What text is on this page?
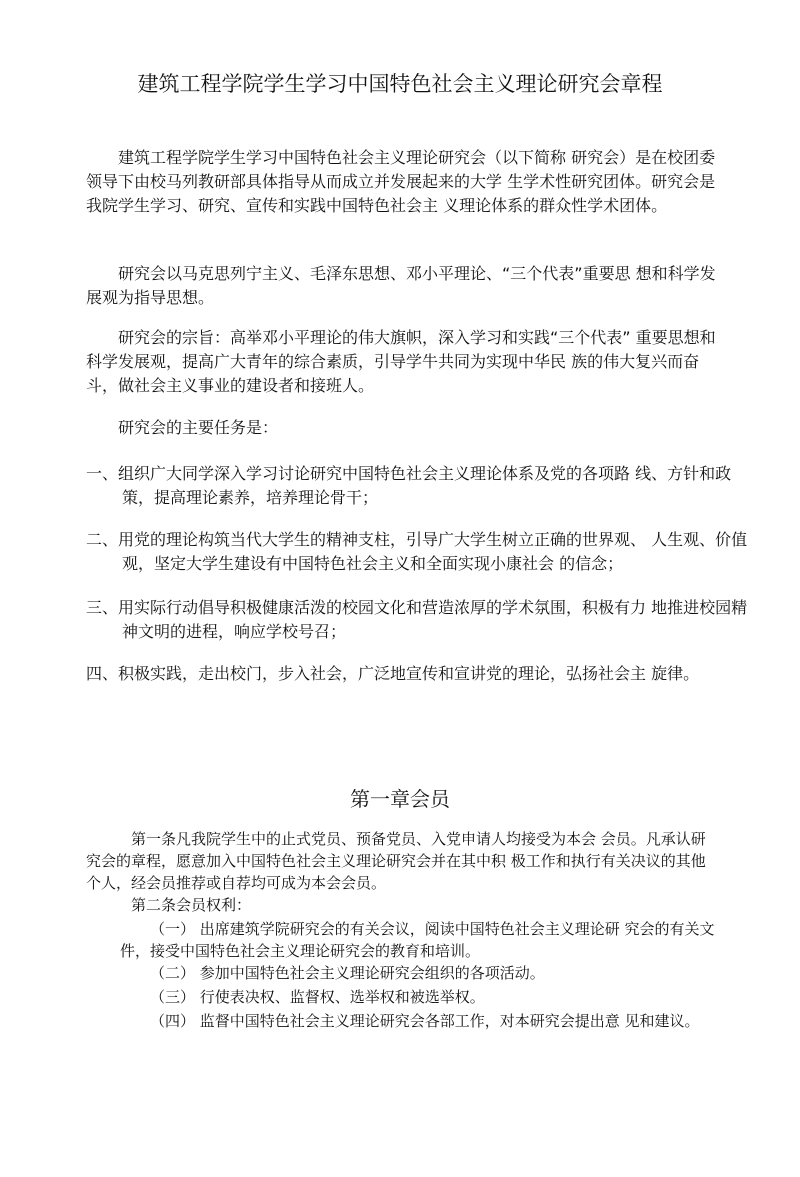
建筑工程学院学生学习中国特色社会主义理论研究会章程

建筑工程学院学生学习中国特色社会主义理论研究会（以下简称 研究会）是在校团委领导下由校马列教研部具体指导从而成立并发展起来的大学 生学术性研究团体。研究会是我院学生学习、研究、宣传和实践中国特色社会主 义理论体系的群众性学术团体。

研究会以马克思列宁主义、毛泽东思想、邓小平理论、“三个代表”重要思 想和科学发展观为指导思想。

研究会的宗旨：高举邓小平理论的伟大旗帜，深入学习和实践“三个代表” 重要思想和科学发展观，提高广大青年的综合素质，引导学牛共同为实现中华民 族的伟大复兴而奋斗，做社会主义事业的建设者和接班人。

研究会的主要任务是：

一、组织广大同学深入学习讨论研究中国特色社会主义理论体系及党的各项路 线、方针和政策，提高理论素养，培养理论骨干；

二、用党的理论构筑当代大学生的精神支柱，引导广大学生树立正确的世界观、 人生观、价值观，坚定大学生建设有中国特色社会主义和全面实现小康社会 的信念；

三、用实际行动倡导积极健康活泼的校园文化和营造浓厚的学术氛围，积极有力 地推进校园精神文明的进程，响应学校号召；

四、积极实践，走出校门，步入社会，广泛地宣传和宣讲党的理论，弘扬社会主 旋律。

第一章会员

第一条凡我院学生中的止式党员、预备党员、入党申请人均接受为本会 会员。凡承认研究会的章程，愿意加入中国特色社会主义理论研究会并在其中积 极工作和执行有关决议的其他个人，经会员推荐或自荐均可成为本会会员。

第二条会员权利：

（一） 出席建筑学院研究会的有关会议，阅读中国特色社会主义理论研 究会的有关文件，接受中国特色社会主义理论研究会的教育和培训。

（二） 参加中国特色社会主义理论研究会组织的各项活动。

（三） 行使表决权、监督权、选举权和被选举权。

（四） 监督中国特色社会主义理论研究会各部工作，对本研究会提出意 见和建议。
